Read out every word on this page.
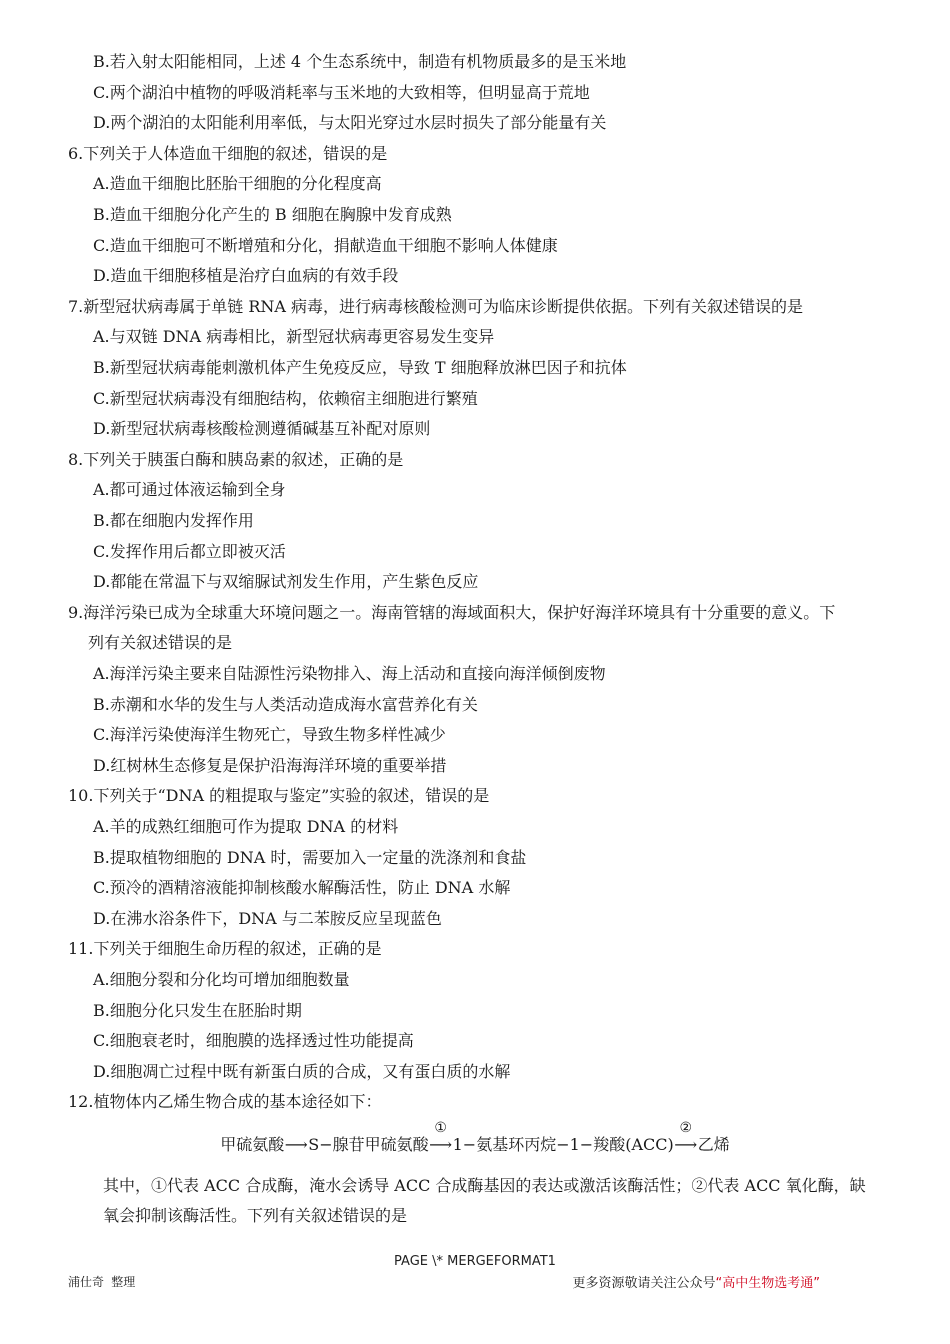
B.若入射太阳能相同，上述 4 个生态系统中，制造有机物质最多的是玉米地
C.两个湖泊中植物的呼吸消耗率与玉米地的大致相等，但明显高于荒地
D.两个湖泊的太阳能利用率低，与太阳光穿过水层时损失了部分能量有关
6.下列关于人体造血干细胞的叙述，错误的是
A.造血干细胞比胚胎干细胞的分化程度高
B.造血干细胞分化产生的 B 细胞在胸腺中发育成熟
C.造血干细胞可不断增殖和分化，捐献造血干细胞不影响人体健康
D.造血干细胞移植是治疗白血病的有效手段
7.新型冠状病毒属于单链 RNA 病毒，进行病毒核酸检测可为临床诊断提供依据。下列有关叙述错误的是
A.与双链 DNA 病毒相比，新型冠状病毒更容易发生变异
B.新型冠状病毒能刺激机体产生免疫反应，导致 T 细胞释放淋巴因子和抗体
C.新型冠状病毒没有细胞结构，依赖宿主细胞进行繁殖
D.新型冠状病毒核酸检测遵循碱基互补配对原则
8.下列关于胰蛋白酶和胰岛素的叙述，正确的是
A.都可通过体液运输到全身
B.都在细胞内发挥作用
C.发挥作用后都立即被灭活
D.都能在常温下与双缩脲试剂发生作用，产生紫色反应
9.海洋污染已成为全球重大环境问题之一。海南管辖的海域面积大，保护好海洋环境具有十分重要的意义。下
列有关叙述错误的是
A.海洋污染主要来自陆源性污染物排入、海上活动和直接向海洋倾倒废物
B.赤潮和水华的发生与人类活动造成海水富营养化有关
C.海洋污染使海洋生物死亡，导致生物多样性减少
D.红树林生态修复是保护沿海海洋环境的重要举措
10.下列关于“DNA 的粗提取与鉴定”实验的叙述，错误的是
A.羊的成熟红细胞可作为提取 DNA 的材料
B.提取植物细胞的 DNA 时，需要加入一定量的洗涤剂和食盐
C.预冷的酒精溶液能抑制核酸水解酶活性，防止 DNA 水解
D.在沸水浴条件下，DNA 与二苯胺反应呈现蓝色
11.下列关于细胞生命历程的叙述，正确的是
A.细胞分裂和分化均可增加细胞数量
B.细胞分化只发生在胚胎时期
C.细胞衰老时，细胞膜的选择透过性功能提高
D.细胞凋亡过程中既有新蛋白质的合成，又有蛋白质的水解
12.植物体内乙烯生物合成的基本途径如下：
甲硫氨酸⟶S−腺苷甲硫氨酸
①
⟶1−氨基环丙烷−1−羧酸(ACC)
②
⟶乙烯
其中，①代表 ACC 合成酶，淹水会诱导 ACC 合成酶基因的表达或激活该酶活性；②代表 ACC 氧化酶，缺
氧会抑制该酶活性。下列有关叙述错误的是
PAGE \* MERGEFORMAT1
浦仕奇 整理	更多资源敬请关注公众号“高中生物选考通”
